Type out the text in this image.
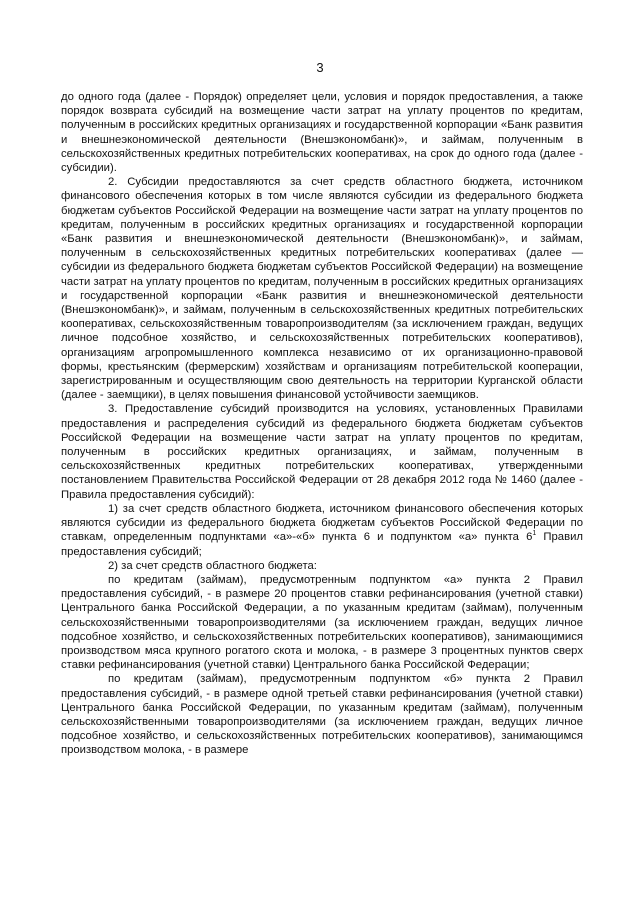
3

до одного года (далее - Порядок) определяет цели, условия и порядок предоставления, а также порядок возврата субсидий на возмещение части затрат на уплату процентов по кредитам, полученным в российских кредитных организациях и государственной корпорации «Банк развития и внешнеэкономической деятельности (Внешэкономбанк)», и займам, полученным в сельскохозяйственных кредитных потребительских кооперативах, на срок до одного года (далее - субсидии).

2. Субсидии предоставляются за счет средств областного бюджета, источником финансового обеспечения которых в том числе являются субсидии из федерального бюджета бюджетам субъектов Российской Федерации на возмещение части затрат на уплату процентов по кредитам, полученным в российских кредитных организациях и государственной корпорации «Банк развития и внешнеэкономической деятельности (Внешэкономбанк)», и займам, полученным в сельскохозяйственных кредитных потребительских кооперативах (далее — субсидии из федерального бюджета бюджетам субъектов Российской Федерации) на возмещение части затрат на уплату процентов по кредитам, полученным в российских кредитных организациях и государственной корпорации «Банк развития и внешнеэкономической деятельности (Внешэкономбанк)», и займам, полученным в сельскохозяйственных кредитных потребительских кооперативах, сельскохозяйственным товаропроизводителям (за исключением граждан, ведущих личное подсобное хозяйство, и сельскохозяйственных потребительских кооперативов), организациям агропромышленного комплекса независимо от их организационно-правовой формы, крестьянским (фермерским) хозяйствам и организациям потребительской кооперации, зарегистрированным и осуществляющим свою деятельность на территории Курганской области (далее - заемщики), в целях повышения финансовой устойчивости заемщиков.

3. Предоставление субсидий производится на условиях, установленных Правилами предоставления и распределения субсидий из федерального бюджета бюджетам субъектов Российской Федерации на возмещение части затрат на уплату процентов по кредитам, полученным в российских кредитных организациях, и займам, полученным в сельскохозяйственных кредитных потребительских кооперативах, утвержденными постановлением Правительства Российской Федерации от 28 декабря 2012 года № 1460 (далее - Правила предоставления субсидий):

1) за счет средств областного бюджета, источником финансового обеспечения которых являются субсидии из федерального бюджета бюджетам субъектов Российской Федерации по ставкам, определенным подпунктами «а»-«б» пункта 6 и подпунктом «а» пункта $6^1$ Правил предоставления субсидий;

2) за счет средств областного бюджета:

по кредитам (займам), предусмотренным подпунктом «а» пункта 2 Правил предоставления субсидий, - в размере 20 процентов ставки рефинансирования (учетной ставки) Центрального банка Российской Федерации, а по указанным кредитам (займам), полученным сельскохозяйственными товаропроизводителями (за исключением граждан, ведущих личное подсобное хозяйство, и сельскохозяйственных потребительских кооперативов), занимающимися производством мяса крупного рогатого скота и молока, - в размере 3 процентных пунктов сверх ставки рефинансирования (учетной ставки) Центрального банка Российской Федерации;

по кредитам (займам), предусмотренным подпунктом «б» пункта 2 Правил предоставления субсидий, - в размере одной третьей ставки рефинансирования (учетной ставки) Центрального банка Российской Федерации, по указанным кредитам (займам), полученным сельскохозяйственными товаропроизводителями (за исключением граждан, ведущих личное подсобное хозяйство, и сельскохозяйственных потребительских кооперативов), занимающимся производством молока, - в размере
